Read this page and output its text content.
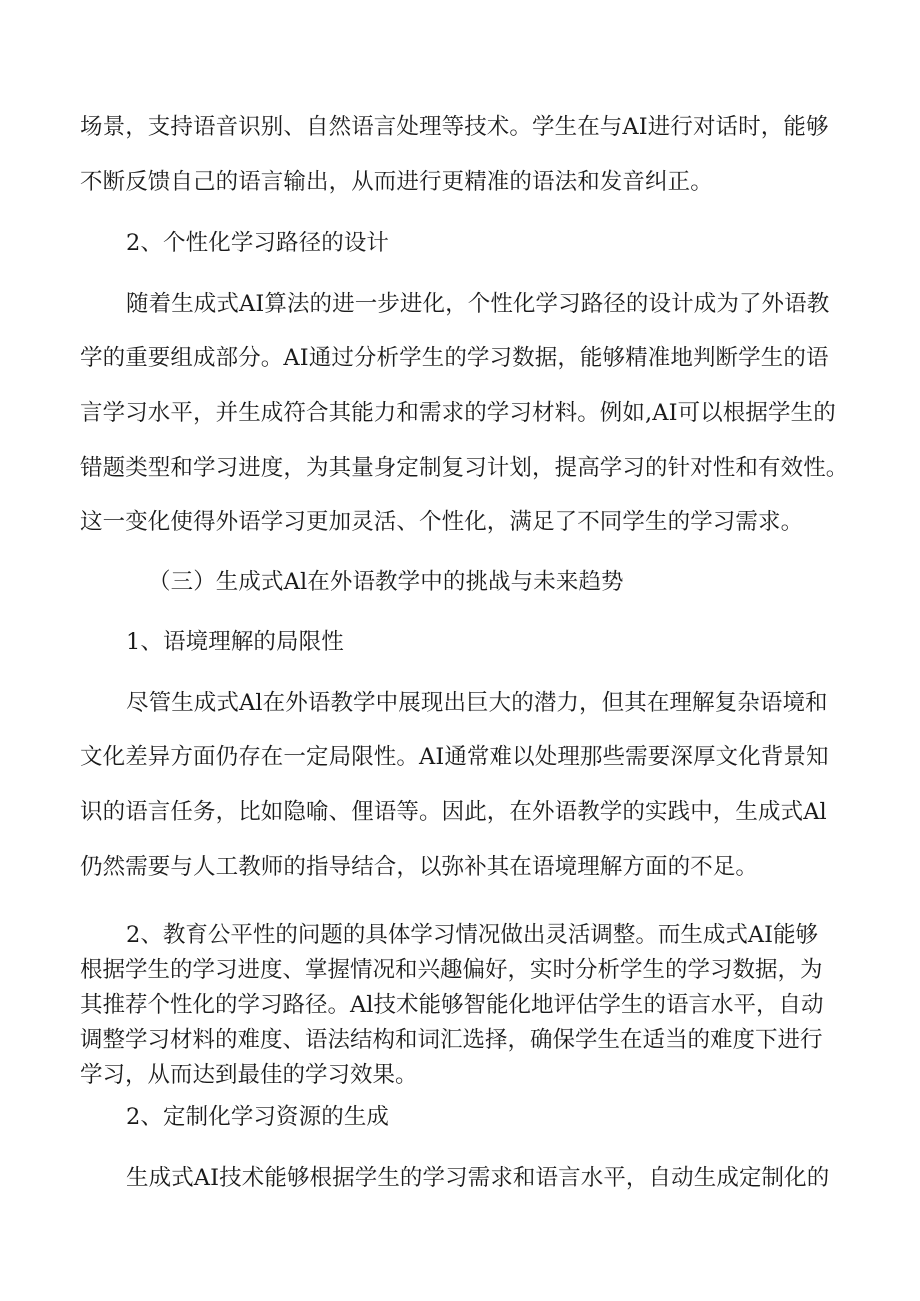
场景，支持语音识别、自然语言处理等技术。学生在与AI进行对话时，能够
不断反馈自己的语言输出，从而进行更精准的语法和发音纠正。
2、个性化学习路径的设计
随着生成式AI算法的进一步进化，个性化学习路径的设计成为了外语教
学的重要组成部分。AI通过分析学生的学习数据，能够精准地判断学生的语
言学习水平，并生成符合其能力和需求的学习材料。例如,AI可以根据学生的
错题类型和学习进度，为其量身定制复习计划，提高学习的针对性和有效性。
这一变化使得外语学习更加灵活、个性化，满足了不同学生的学习需求。
（三）生成式Al在外语教学中的挑战与未来趋势
1、语境理解的局限性
尽管生成式Al在外语教学中展现出巨大的潜力，但其在理解复杂语境和
文化差异方面仍存在一定局限性。AI通常难以处理那些需要深厚文化背景知
识的语言任务，比如隐喻、俚语等。因此，在外语教学的实践中，生成式Al
仍然需要与人工教师的指导结合，以弥补其在语境理解方面的不足。
2、教育公平性的问题的具体学习情况做出灵活调整。而生成式AI能够
根据学生的学习进度、掌握情况和兴趣偏好，实时分析学生的学习数据，为
其推荐个性化的学习路径。Al技术能够智能化地评估学生的语言水平，自动
调整学习材料的难度、语法结构和词汇选择，确保学生在适当的难度下进行
学习，从而达到最佳的学习效果。
2、定制化学习资源的生成
生成式AI技术能够根据学生的学习需求和语言水平，自动生成定制化的
